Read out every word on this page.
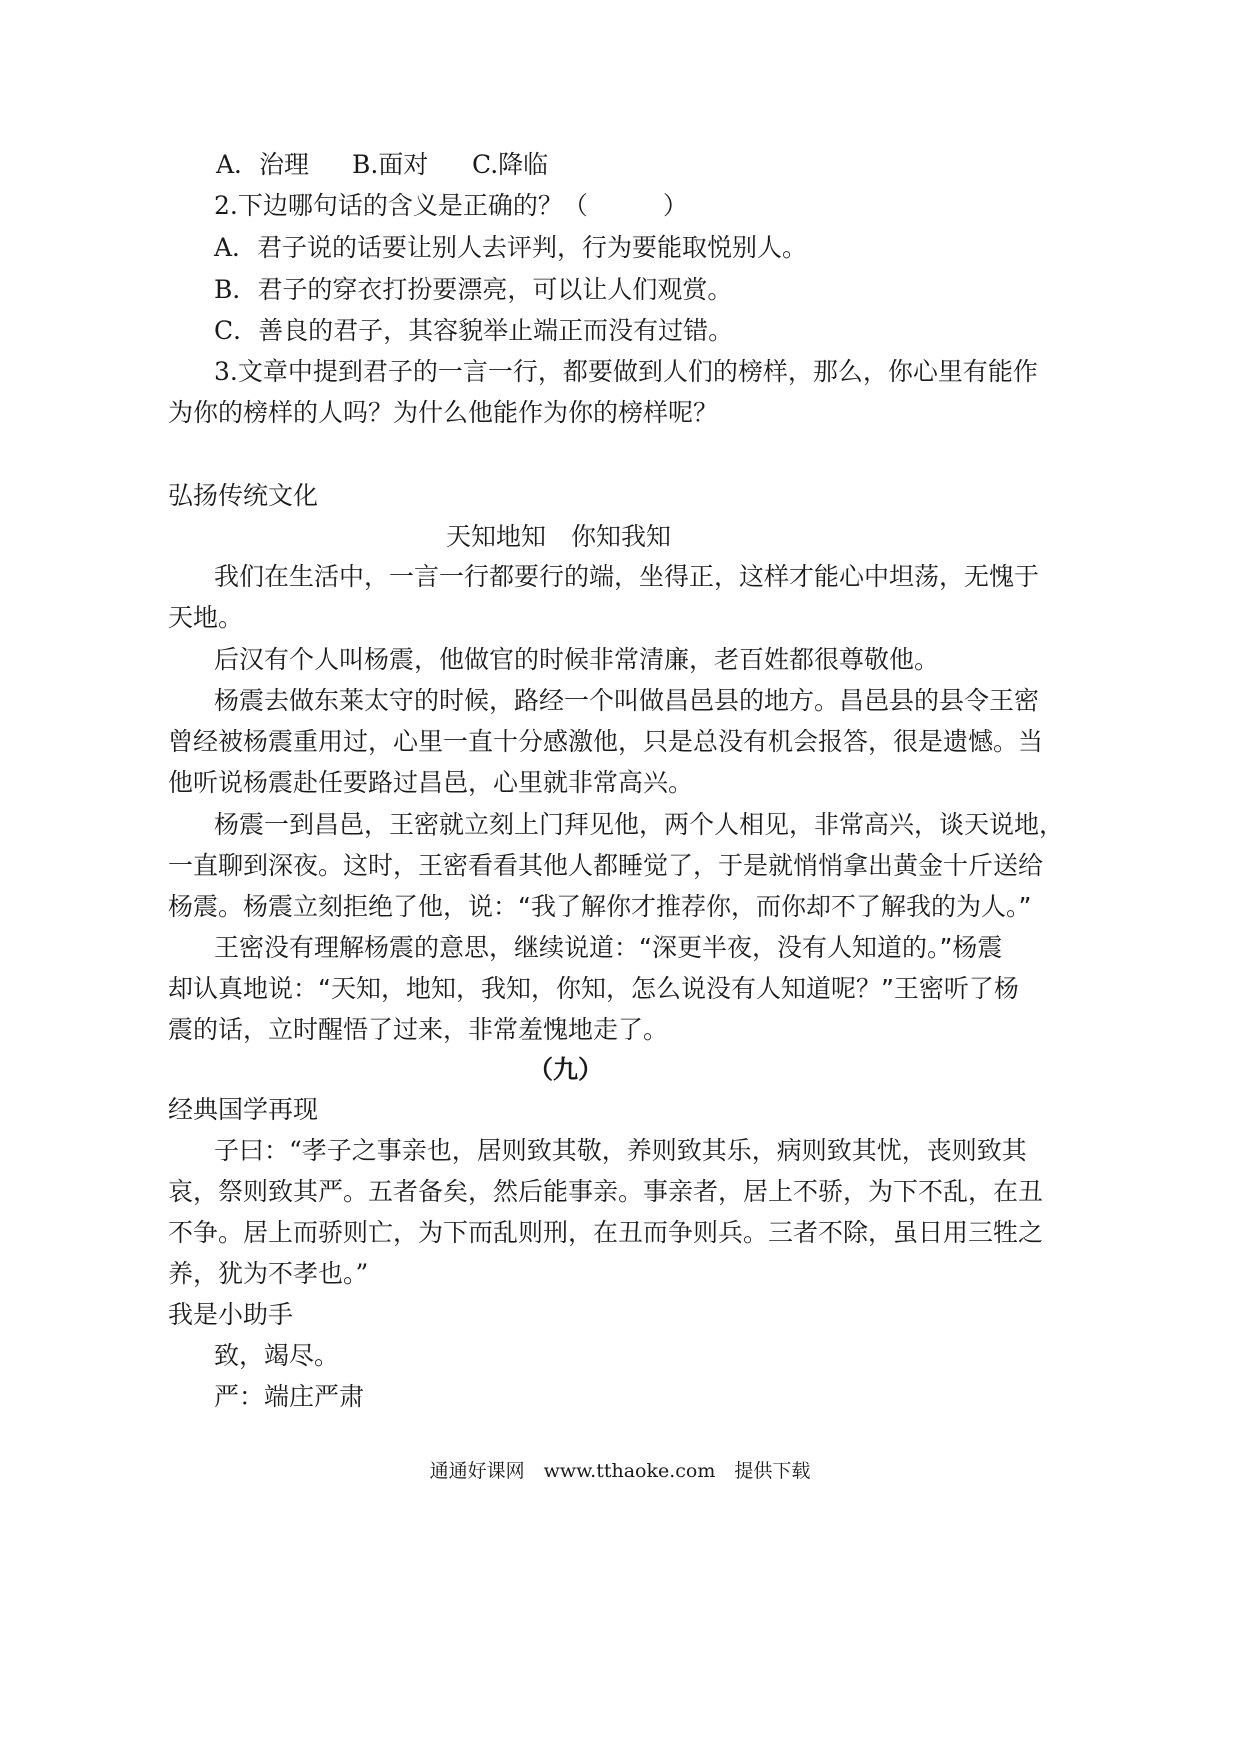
A．治理 B.面对 C.降临
2.下边哪句话的含义是正确的？（　　　）
A．君子说的话要让别人去评判，行为要能取悦别人。
B．君子的穿衣打扮要漂亮，可以让人们观赏。
C．善良的君子，其容貌举止端正而没有过错。
3.文章中提到君子的一言一行，都要做到人们的榜样，那么，你心里有能作
为你的榜样的人吗？为什么他能作为你的榜样呢？
弘扬传统文化
天知地知　你知我知
我们在生活中，一言一行都要行的端，坐得正，这样才能心中坦荡，无愧于
天地。
后汉有个人叫杨震，他做官的时候非常清廉，老百姓都很尊敬他。
杨震去做东莱太守的时候，路经一个叫做昌邑县的地方。昌邑县的县令王密
曾经被杨震重用过，心里一直十分感激他，只是总没有机会报答，很是遗憾。当
他听说杨震赴任要路过昌邑，心里就非常高兴。
杨震一到昌邑，王密就立刻上门拜见他，两个人相见，非常高兴，谈天说地，
一直聊到深夜。这时，王密看看其他人都睡觉了，于是就悄悄拿出黄金十斤送给
杨震。杨震立刻拒绝了他，说：“我了解你才推荐你，而你却不了解我的为人。”
王密没有理解杨震的意思，继续说道：“深更半夜，没有人知道的。”杨震
却认真地说：“天知，地知，我知，你知，怎么说没有人知道呢？”王密听了杨
震的话，立时醒悟了过来，非常羞愧地走了。
（九）
经典国学再现
子曰：“孝子之事亲也，居则致其敬，养则致其乐，病则致其忧，丧则致其
哀，祭则致其严。五者备矣，然后能事亲。事亲者，居上不骄，为下不乱，在丑
不争。居上而骄则亡，为下而乱则刑，在丑而争则兵。三者不除，虽日用三牲之
养，犹为不孝也。”
我是小助手
致，竭尽。
严：端庄严肃
通通好课网　www.tthaoke.com　提供下载
